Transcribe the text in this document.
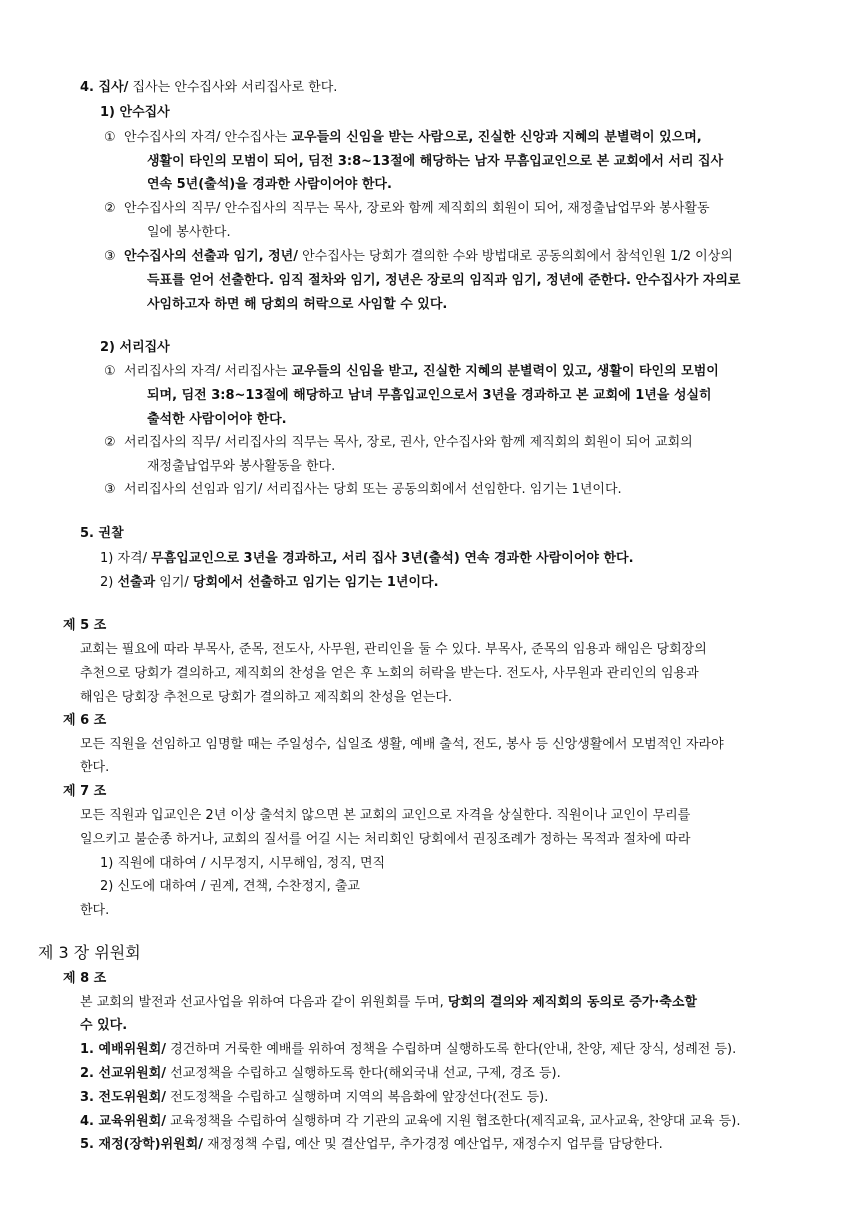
4. 집사/ 집사는 안수집사와 서리집사로 한다.
1) 안수집사
① 안수집사의 자격/ 안수집사는 교우들의 신임을 받는 사람으로, 진실한 신앙과 지혜의 분별력이 있으며,
생활이 타인의 모범이 되어, 딤전 3:8~13절에 해당하는 남자 무흠입교인으로 본 교회에서 서리 집사
연속 5년(출석)을 경과한 사람이어야 한다.
② 안수집사의 직무/ 안수집사의 직무는 목사, 장로와 함께 제직회의 회원이 되어, 재정출납업무와 봉사활동
일에 봉사한다.
③ 안수집사의 선출과 임기, 정년/ 안수집사는 당회가 결의한 수와 방법대로 공동의회에서 참석인원 1/2 이상의
득표를 얻어 선출한다. 임직 절차와 임기, 정년은 장로의 임직과 임기, 정년에 준한다. 안수집사가 자의로
사임하고자 하면 해 당회의 허락으로 사임할 수 있다.
2) 서리집사
① 서리집사의 자격/ 서리집사는 교우들의 신임을 받고, 진실한 지혜의 분별력이 있고, 생활이 타인의 모범이
되며, 딤전 3:8~13절에 해당하고 남녀 무흠입교인으로서 3년을 경과하고 본 교회에 1년을 성실히
출석한 사람이어야 한다.
② 서리집사의 직무/ 서리집사의 직무는 목사, 장로, 권사, 안수집사와 함께 제직회의 회원이 되어 교회의
재정출납업무와 봉사활동을 한다.
③ 서리집사의 선임과 임기/ 서리집사는 당회 또는 공동의회에서 선임한다. 임기는 1년이다.
5. 권찰
1) 자격/ 무흠입교인으로 3년을 경과하고, 서리 집사 3년(출석) 연속 경과한 사람이어야 한다.
2) 선출과 임기/ 당회에서 선출하고 임기는 임기는 1년이다.
제 5 조
교회는 필요에 따라 부목사, 준목, 전도사, 사무원, 관리인을 둘 수 있다. 부목사, 준목의 임용과 해임은 당회장의
추천으로 당회가 결의하고, 제직회의 찬성을 얻은 후 노회의 허락을 받는다. 전도사, 사무원과 관리인의 임용과
해임은 당회장 추천으로 당회가 결의하고 제직회의 찬성을 얻는다.
제 6 조
모든 직원을 선임하고 임명할 때는 주일성수, 십일조 생활, 예배 출석, 전도, 봉사 등 신앙생활에서 모범적인 자라야
한다.
제 7 조
모든 직원과 입교인은 2년 이상 출석치 않으면 본 교회의 교인으로 자격을 상실한다. 직원이나 교인이 무리를
일으키고 불순종 하거나, 교회의 질서를 어길 시는 처리회인 당회에서 권징조례가 정하는 목적과 절차에 따라
1) 직원에 대하여 / 시무정지, 시무해임, 정직, 면직
2) 신도에 대하여 / 권계, 견책, 수찬정지, 출교
한다.
제 3 장 위원회
제 8 조
본 교회의 발전과 선교사업을 위하여 다음과 같이 위원회를 두며, 당회의 결의와 제직회의 동의로 증가·축소할
수 있다.
1. 예배위원회/ 경건하며 거룩한 예배를 위하여 정책을 수립하며 실행하도록 한다(안내, 찬양, 제단 장식, 성례전 등).
2. 선교위원회/ 선교정책을 수립하고 실행하도록 한다(해외국내 선교, 구제, 경조 등).
3. 전도위원회/ 전도정책을 수립하고 실행하며 지역의 복음화에 앞장선다(전도 등).
4. 교육위원회/ 교육정책을 수립하여 실행하며 각 기관의 교육에 지원 협조한다(제직교육, 교사교육, 찬양대 교육 등).
5. 재정(장학)위원회/ 재정정책 수립, 예산 및 결산업무, 추가경정 예산업무, 재정수지 업무를 담당한다.
